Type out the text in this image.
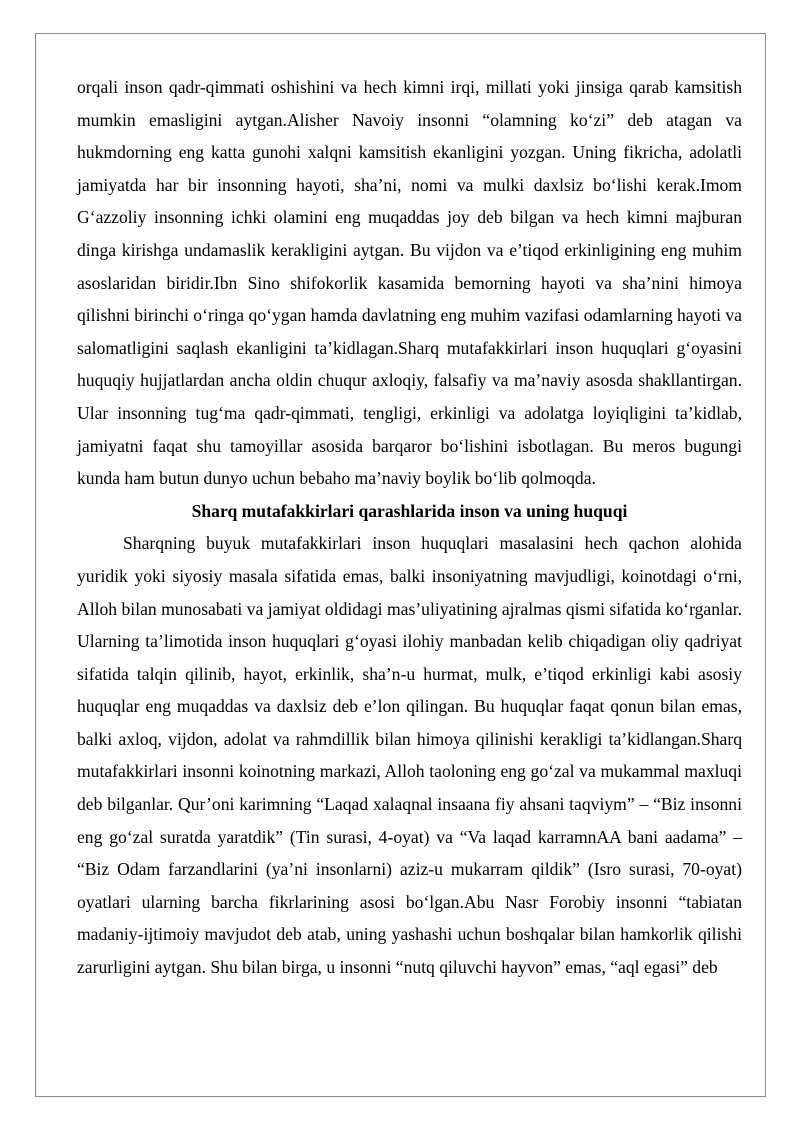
orqali inson qadr-qimmati oshishini va hech kimni irqi, millati yoki jinsiga qarab kamsitish mumkin emasligini aytgan.Alisher Navoiy insonni “olamning ko‘zi” deb atagan va hukmdorning eng katta gunohi xalqni kamsitish ekanligini yozgan. Uning fikricha, adolatli jamiyatda har bir insonning hayoti, sha’ni, nomi va mulki daxlsiz bo‘lishi kerak.Imom G‘azzoliy insonning ichki olamini eng muqaddas joy deb bilgan va hech kimni majburan dinga kirishga undamaslik kerakligini aytgan. Bu vijdon va e’tiqod erkinligining eng muhim asoslaridan biridir.Ibn Sino shifokorlik kasamida bemorning hayoti va sha’nini himoya qilishni birinchi o‘ringa qo‘ygan hamda davlatning eng muhim vazifasi odamlarning hayoti va salomatligini saqlash ekanligini ta’kidlagan.Sharq mutafakkirlari inson huquqlari g‘oyasini huquqiy hujjatlardan ancha oldin chuqur axloqiy, falsafiy va ma’naviy asosda shakllantirgan. Ular insonning tug‘ma qadr-qimmati, tengligi, erkinligi va adolatga loyiqligini ta’kidlab, jamiyatni faqat shu tamoyillar asosida barqaror bo‘lishini isbotlagan. Bu meros bugungi kunda ham butun dunyo uchun bebaho ma’naviy boylik bo‘lib qolmoqda.

Sharq mutafakkirlari qarashlarida inson va uning huquqi

Sharqning buyuk mutafakkirlari inson huquqlari masalasini hech qachon alohida yuridik yoki siyosiy masala sifatida emas, balki insoniyatning mavjudligi, koinotdagi o‘rni, Alloh bilan munosabati va jamiyat oldidagi mas’uliyatining ajralmas qismi sifatida ko‘rganlar. Ularning ta’limotida inson huquqlari g‘oyasi ilohiy manbadan kelib chiqadigan oliy qadriyat sifatida talqin qilinib, hayot, erkinlik, sha’n-u hurmat, mulk, e’tiqod erkinligi kabi asosiy huquqlar eng muqaddas va daxlsiz deb e’lon qilingan. Bu huquqlar faqat qonun bilan emas, balki axloq, vijdon, adolat va rahmdillik bilan himoya qilinishi kerakligi ta’kidlangan.Sharq mutafakkirlari insonni koinotning markazi, Alloh taoloning eng go‘zal va mukammal maxluqi deb bilganlar. Qur’oni karimning “Laqad xalaqnal insaana fiy ahsani taqviym” – “Biz insonni eng go‘zal suratda yaratdik” (Tin surasi, 4-oyat) va “Va laqad karramnAA bani aadama” – “Biz Odam farzandlarini (ya’ni insonlarni) aziz-u mukarram qildik” (Isro surasi, 70-oyat) oyatlari ularning barcha fikrlarining asosi bo‘lgan.Abu Nasr Forobiy insonni “tabiatan madaniy-ijtimoiy mavjudot deb atab, uning yashashi uchun boshqalar bilan hamkorlik qilishi zarurligini aytgan. Shu bilan birga, u insonni “nutq qiluvchi hayvon” emas, “aql egasi” deb
